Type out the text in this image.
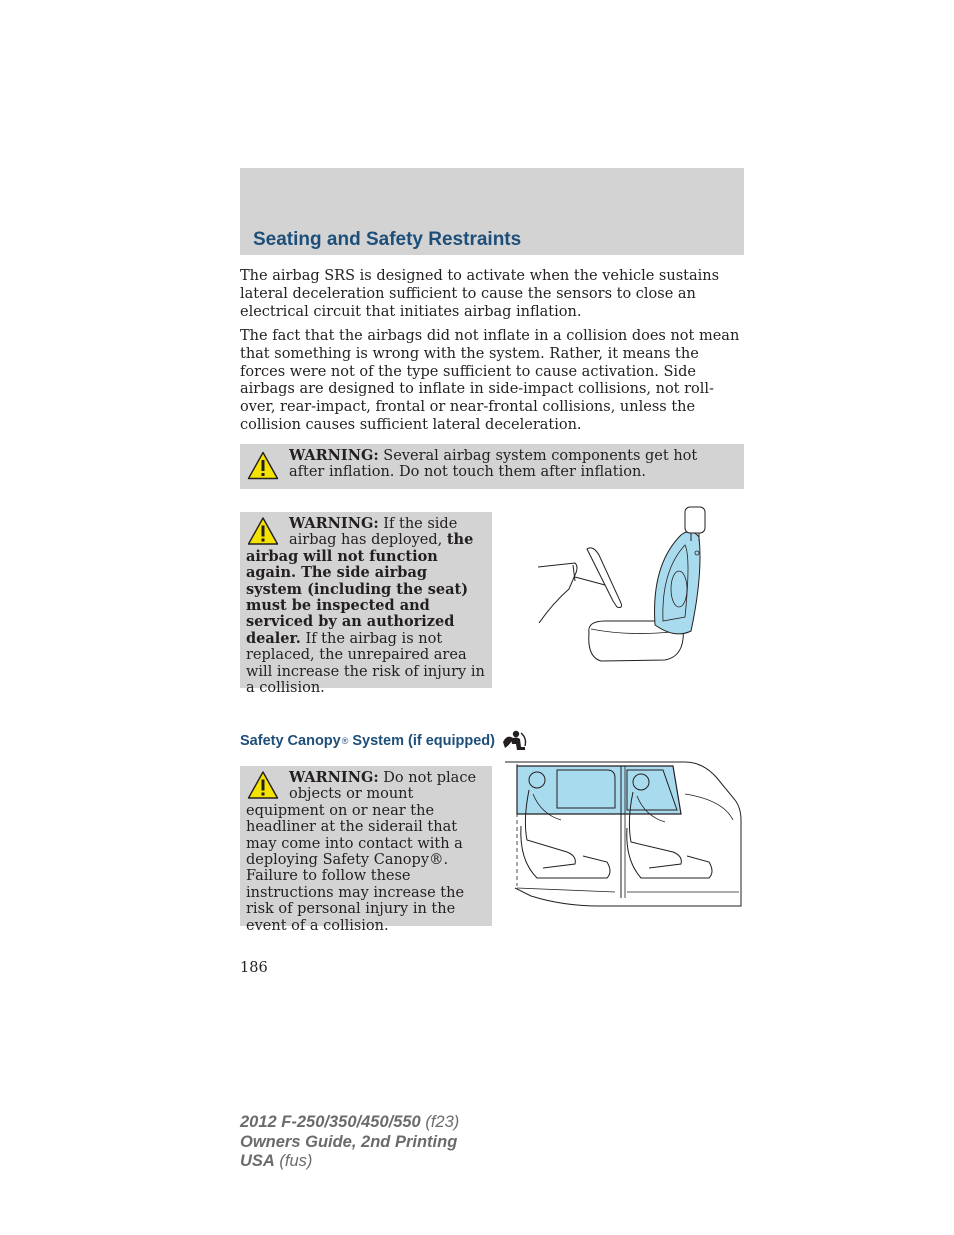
Seating and Safety Restraints

The airbag SRS is designed to activate when the vehicle sustains lateral deceleration sufficient to cause the sensors to close an electrical circuit that initiates airbag inflation.

The fact that the airbags did not inflate in a collision does not mean that something is wrong with the system. Rather, it means the forces were not of the type sufficient to cause activation. Side airbags are designed to inflate in side-impact collisions, not roll-over, rear-impact, frontal or near-frontal collisions, unless the collision causes sufficient lateral deceleration.

WARNING: Several airbag system components get hot after inflation. Do not touch them after inflation.

WARNING: If the side airbag has deployed, the airbag will not function again. The side airbag system (including the seat) must be inspected and serviced by an authorized dealer. If the airbag is not replaced, the unrepaired area will increase the risk of injury in a collision.

Safety Canopy ® System (if equipped)

WARNING: Do not place objects or mount equipment on or near the headliner at the siderail that may come into contact with a deploying Safety Canopy®. Failure to follow these instructions may increase the risk of personal injury in the event of a collision.

186

2012 F-250/350/450/550 (f23)
Owners Guide, 2nd Printing
USA (fus)
